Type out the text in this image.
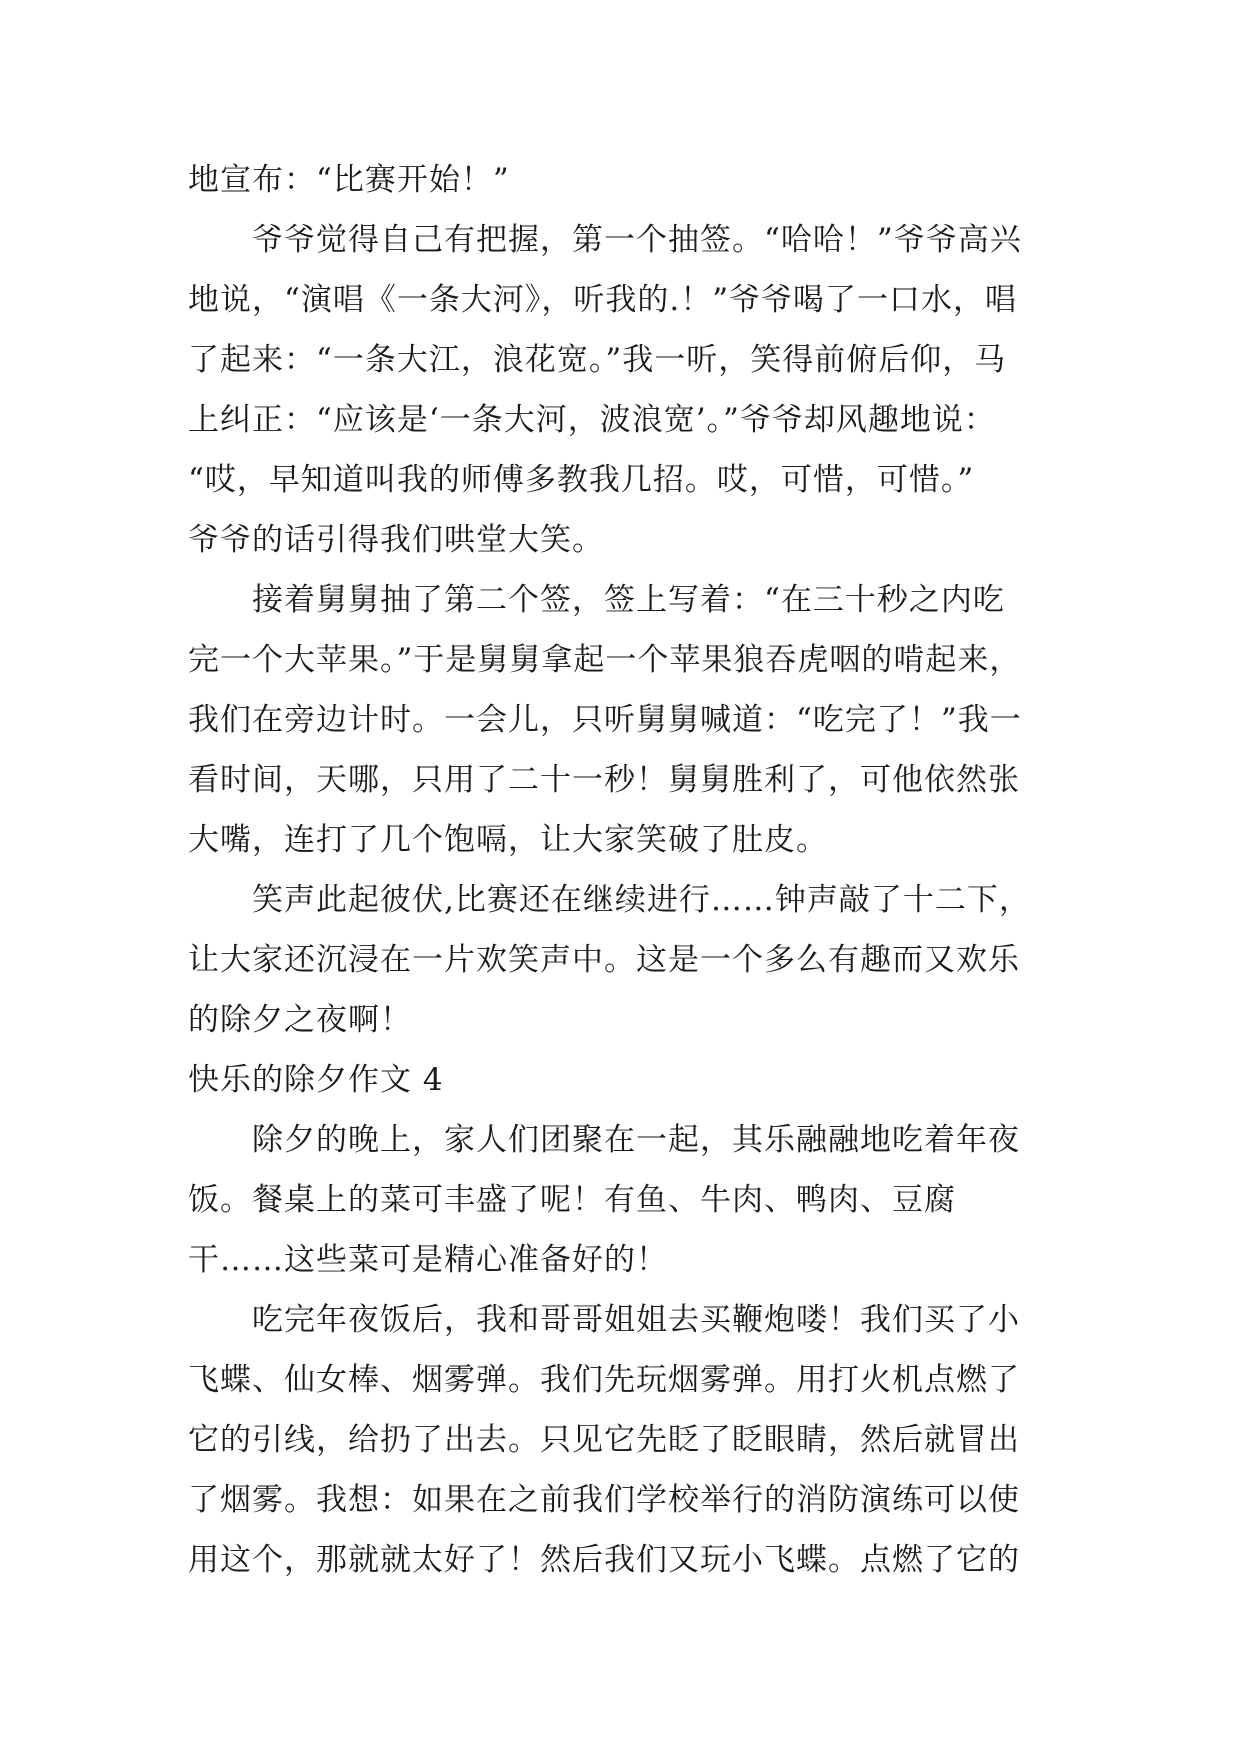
地宣布：“比赛开始！”
爷爷觉得自己有把握，第一个抽签。“哈哈！”爷爷高兴
地说，“演唱《一条大河》，听我的.！”爷爷喝了一口水，唱
了起来：“一条大江，浪花宽。”我一听，笑得前俯后仰，马
上纠正：“应该是‘一条大河，波浪宽’。”爷爷却风趣地说：
“哎，早知道叫我的师傅多教我几招。哎，可惜，可惜。”
爷爷的话引得我们哄堂大笑。
接着舅舅抽了第二个签，签上写着：“在三十秒之内吃
完一个大苹果。”于是舅舅拿起一个苹果狼吞虎咽的啃起来，
我们在旁边计时。一会儿，只听舅舅喊道：“吃完了！”我一
看时间，天哪，只用了二十一秒！舅舅胜利了，可他依然张
大嘴，连打了几个饱嗝，让大家笑破了肚皮。
笑声此起彼伏,比赛还在继续进行……钟声敲了十二下，
让大家还沉浸在一片欢笑声中。这是一个多么有趣而又欢乐
的除夕之夜啊！
快乐的除夕作文 4
除夕的晚上，家人们团聚在一起，其乐融融地吃着年夜
饭。餐桌上的菜可丰盛了呢！有鱼、牛肉、鸭肉、豆腐
干……这些菜可是精心准备好的！
吃完年夜饭后，我和哥哥姐姐去买鞭炮喽！我们买了小
飞蝶、仙女棒、烟雾弹。我们先玩烟雾弹。用打火机点燃了
它的引线，给扔了出去。只见它先眨了眨眼睛，然后就冒出
了烟雾。我想：如果在之前我们学校举行的消防演练可以使
用这个，那就就太好了！然后我们又玩小飞蝶。点燃了它的
